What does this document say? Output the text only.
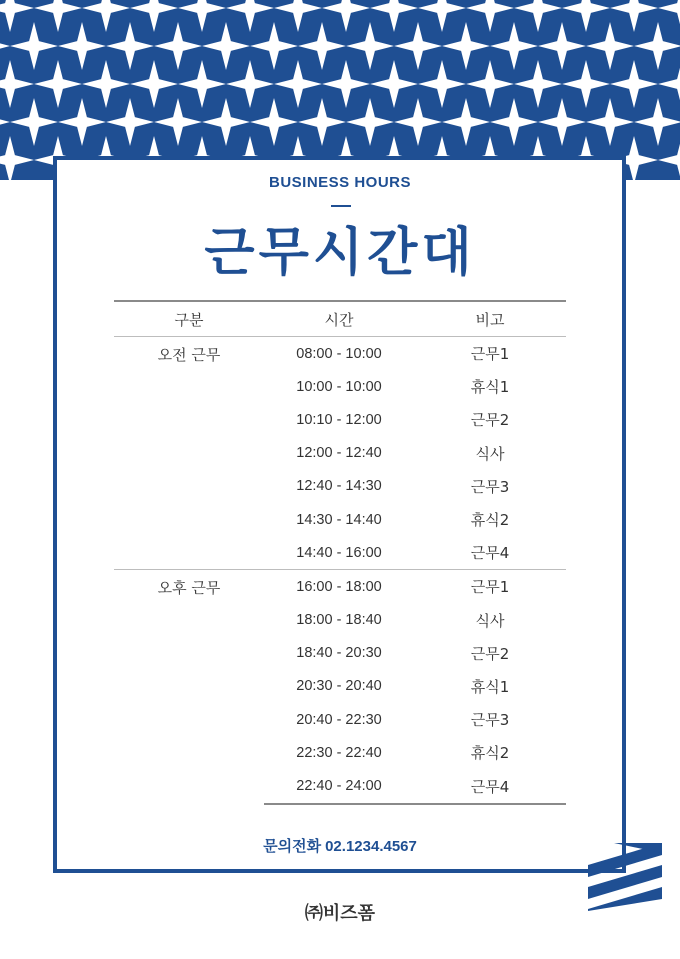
BUSINESS HOURS
근무시간대
구분	시간	비고
오전 근무	08:00 - 10:00	근무1
	10:00 - 10:00	휴식1
	10:10 - 12:00	근무2
	12:00 - 12:40	식사
	12:40 - 14:30	근무3
	14:30 - 14:40	휴식2
	14:40 - 16:00	근무4
오후 근무	16:00 - 18:00	근무1
	18:00 - 18:40	식사
	18:40 - 20:30	근무2
	20:30 - 20:40	휴식1
	20:40 - 22:30	근무3
	22:30 - 22:40	휴식2
	22:40 - 24:00	근무4
문의전화 02.1234.4567
㈜비즈폼
